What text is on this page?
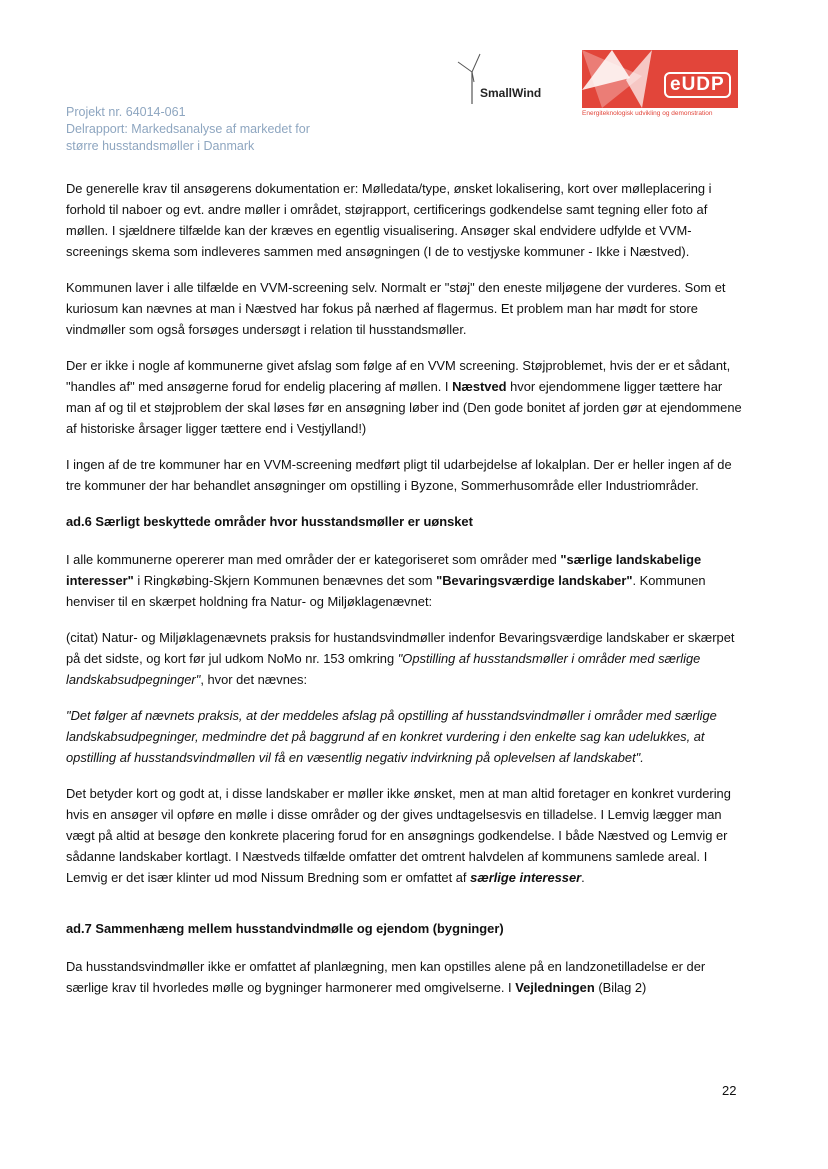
Projekt nr. 64014-061
Delrapport: Markedsanalyse af markedet for
større husstandsmøller i Danmark
SmallWind	eUDP
Energiteknologisk udvikling og demonstration

De generelle krav til ansøgerens dokumentation er: Mølledata/type, ønsket lokalisering, kort over mølleplacering i forhold til naboer og evt. andre møller i området, støjrapport, certificerings godkendelse samt tegning eller foto af møllen. I sjældnere tilfælde kan der kræves en egentlig visualisering. Ansøger skal endvidere udfylde et VVM-screenings skema som indleveres sammen med ansøgningen (I de to vestjyske kommuner - Ikke i Næstved).

Kommunen laver i alle tilfælde en VVM-screening selv. Normalt er "støj" den eneste miljøgene der vurderes. Som et kuriosum kan nævnes at man i Næstved har fokus på nærhed af flagermus. Et problem man har mødt for store vindmøller som også forsøges undersøgt i relation til husstandsmøller.

Der er ikke i nogle af kommunerne givet afslag som følge af en VVM screening. Støjproblemet, hvis der er et sådant, "handles af" med ansøgerne forud for endelig placering af møllen. I Næstved hvor ejendommene ligger tættere har man af og til et støjproblem der skal løses før en ansøgning løber ind (Den gode bonitet af jorden gør at ejendommene af historiske årsager ligger tættere end i Vestjylland!)

I ingen af de tre kommuner har en VVM-screening medført pligt til udarbejdelse af lokalplan. Der er heller ingen af de tre kommuner der har behandlet ansøgninger om opstilling i Byzone, Sommerhusområde eller Industriområder.

ad.6 Særligt beskyttede områder hvor husstandsmøller er uønsket

I alle kommunerne opererer man med områder der er kategoriseret som områder med "særlige landskabelige interesser" i Ringkøbing-Skjern Kommunen benævnes det som "Bevaringsværdige landskaber". Kommunen henviser til en skærpet holdning fra Natur- og Miljøklagenævnet:

(citat) Natur- og Miljøklagenævnets praksis for hustandsvindmøller indenfor Bevaringsværdige landskaber er skærpet på det sidste, og kort før jul udkom NoMo nr. 153 omkring "Opstilling af husstandsmøller i områder med særlige landskabsudpegninger", hvor det nævnes:

"Det følger af nævnets praksis, at der meddeles afslag på opstilling af husstandsvindmøller i områder med særlige landskabsudpegninger, medmindre det på baggrund af en konkret vurdering i den enkelte sag kan udelukkes, at opstilling af husstandsvindmøllen vil få en væsentlig negativ indvirkning på oplevelsen af landskabet".

Det betyder kort og godt at, i disse landskaber er møller ikke ønsket, men at man altid foretager en konkret vurdering hvis en ansøger vil opføre en mølle i disse områder og der gives undtagelsesvis en tilladelse. I Lemvig lægger man vægt på altid at besøge den konkrete placering forud for en ansøgnings godkendelse. I både Næstved og Lemvig er sådanne landskaber kortlagt. I Næstveds tilfælde omfatter det omtrent halvdelen af kommunens samlede areal. I Lemvig er det især klinter ud mod Nissum Bredning som er omfattet af særlige interesser.

ad.7 Sammenhæng mellem husstandvindmølle og ejendom (bygninger)

Da husstandsvindmøller ikke er omfattet af planlægning, men kan opstilles alene på en landzonetilladelse er der særlige krav til hvorledes mølle og bygninger harmonerer med omgivelserne. I Vejledningen (Bilag 2)

22
